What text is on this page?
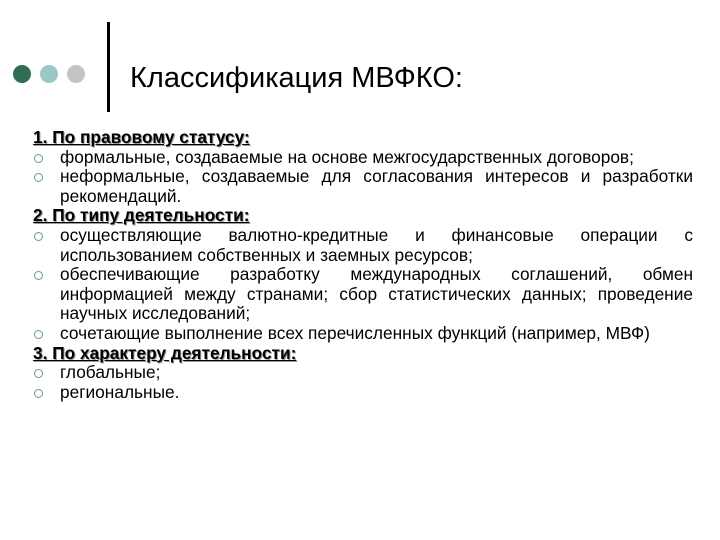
Классификация МВФКО:
1. По правовому статусу:
формальные, создаваемые на основе межгосударственных договоров;
неформальные, создаваемые для согласования интересов и разработки рекомендаций.
2. По типу деятельности:
осуществляющие валютно-кредитные и финансовые операции с использованием собственных и заемных ресурсов;
обеспечивающие разработку международных соглашений, обмен информацией между странами; сбор статистических данных; проведение научных исследований;
сочетающие выполнение всех перечисленных функций (например, МВФ)
3. По характеру деятельности:
глобальные;
региональные.
